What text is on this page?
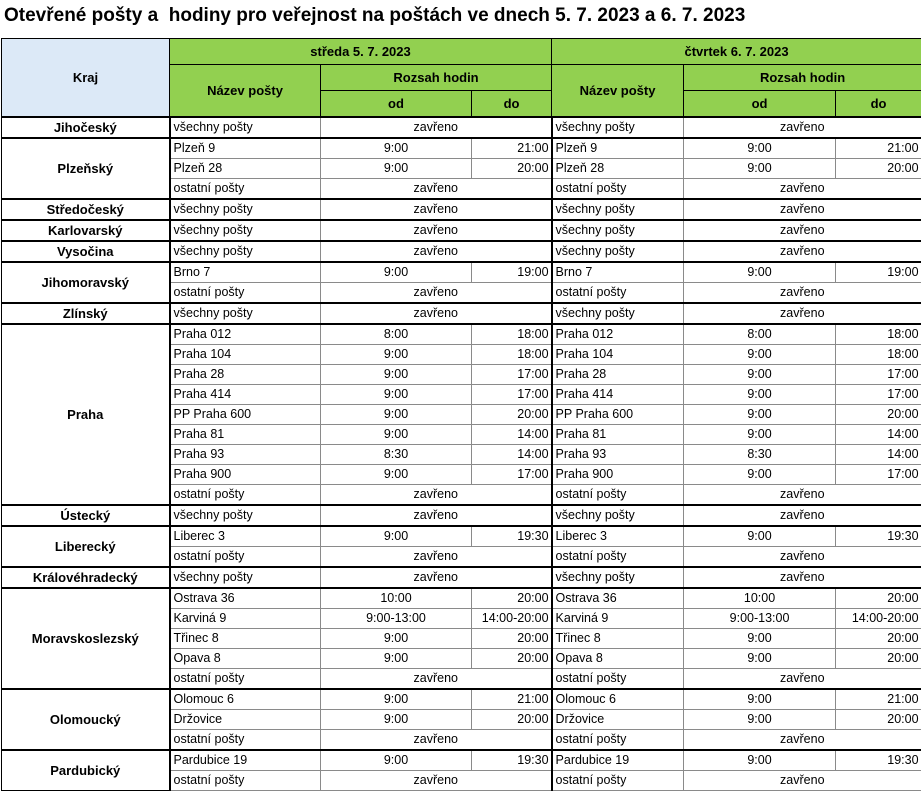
Otevřené pošty a  hodiny pro veřejnost na poštách ve dnech 5. 7. 2023 a 6. 7. 2023
Kraj	středa 5. 7. 2023			čtvrtek 6. 7. 2023		
	Název pošty	Rozsah hodin		Název pošty	Rozsah hodin	
		od	do		od	do
Jihočeský	všechny pošty	zavřeno		všechny pošty	zavřeno	
Plzeňský	Plzeň 9	9:00	21:00	Plzeň 9	9:00	21:00
	Plzeň 28	9:00	20:00	Plzeň 28	9:00	20:00
	ostatní pošty	zavřeno		ostatní pošty	zavřeno	
Středočeský	všechny pošty	zavřeno		všechny pošty	zavřeno	
Karlovarský	všechny pošty	zavřeno		všechny pošty	zavřeno	
Vysočina	všechny pošty	zavřeno		všechny pošty	zavřeno	
Jihomoravský	Brno 7	9:00	19:00	Brno 7	9:00	19:00
	ostatní pošty	zavřeno		ostatní pošty	zavřeno	
Zlínský	všechny pošty	zavřeno		všechny pošty	zavřeno	
Praha	Praha 012	8:00	18:00	Praha 012	8:00	18:00
	Praha 104	9:00	18:00	Praha 104	9:00	18:00
	Praha 28	9:00	17:00	Praha 28	9:00	17:00
	Praha 414	9:00	17:00	Praha 414	9:00	17:00
	PP Praha 600	9:00	20:00	PP Praha 600	9:00	20:00
	Praha 81	9:00	14:00	Praha 81	9:00	14:00
	Praha 93	8:30	14:00	Praha 93	8:30	14:00
	Praha 900	9:00	17:00	Praha 900	9:00	17:00
	ostatní pošty	zavřeno		ostatní pošty	zavřeno	
Ústecký	všechny pošty	zavřeno		všechny pošty	zavřeno	
Liberecký	Liberec 3	9:00	19:30	Liberec 3	9:00	19:30
	ostatní pošty	zavřeno		ostatní pošty	zavřeno	
Královéhradecký	všechny pošty	zavřeno		všechny pošty	zavřeno	
Moravskoslezský	Ostrava 36	10:00	20:00	Ostrava 36	10:00	20:00
	Karviná 9	9:00-13:00	14:00-20:00	Karviná 9	9:00-13:00	14:00-20:00
	Třinec 8	9:00	20:00	Třinec 8	9:00	20:00
	Opava 8	9:00	20:00	Opava 8	9:00	20:00
	ostatní pošty	zavřeno		ostatní pošty	zavřeno	
Olomoucký	Olomouc 6	9:00	21:00	Olomouc 6	9:00	21:00
	Držovice	9:00	20:00	Držovice	9:00	20:00
	ostatní pošty	zavřeno		ostatní pošty	zavřeno	
Pardubický	Pardubice 19	9:00	19:30	Pardubice 19	9:00	19:30
	ostatní pošty	zavřeno		ostatní pošty	zavřeno	
